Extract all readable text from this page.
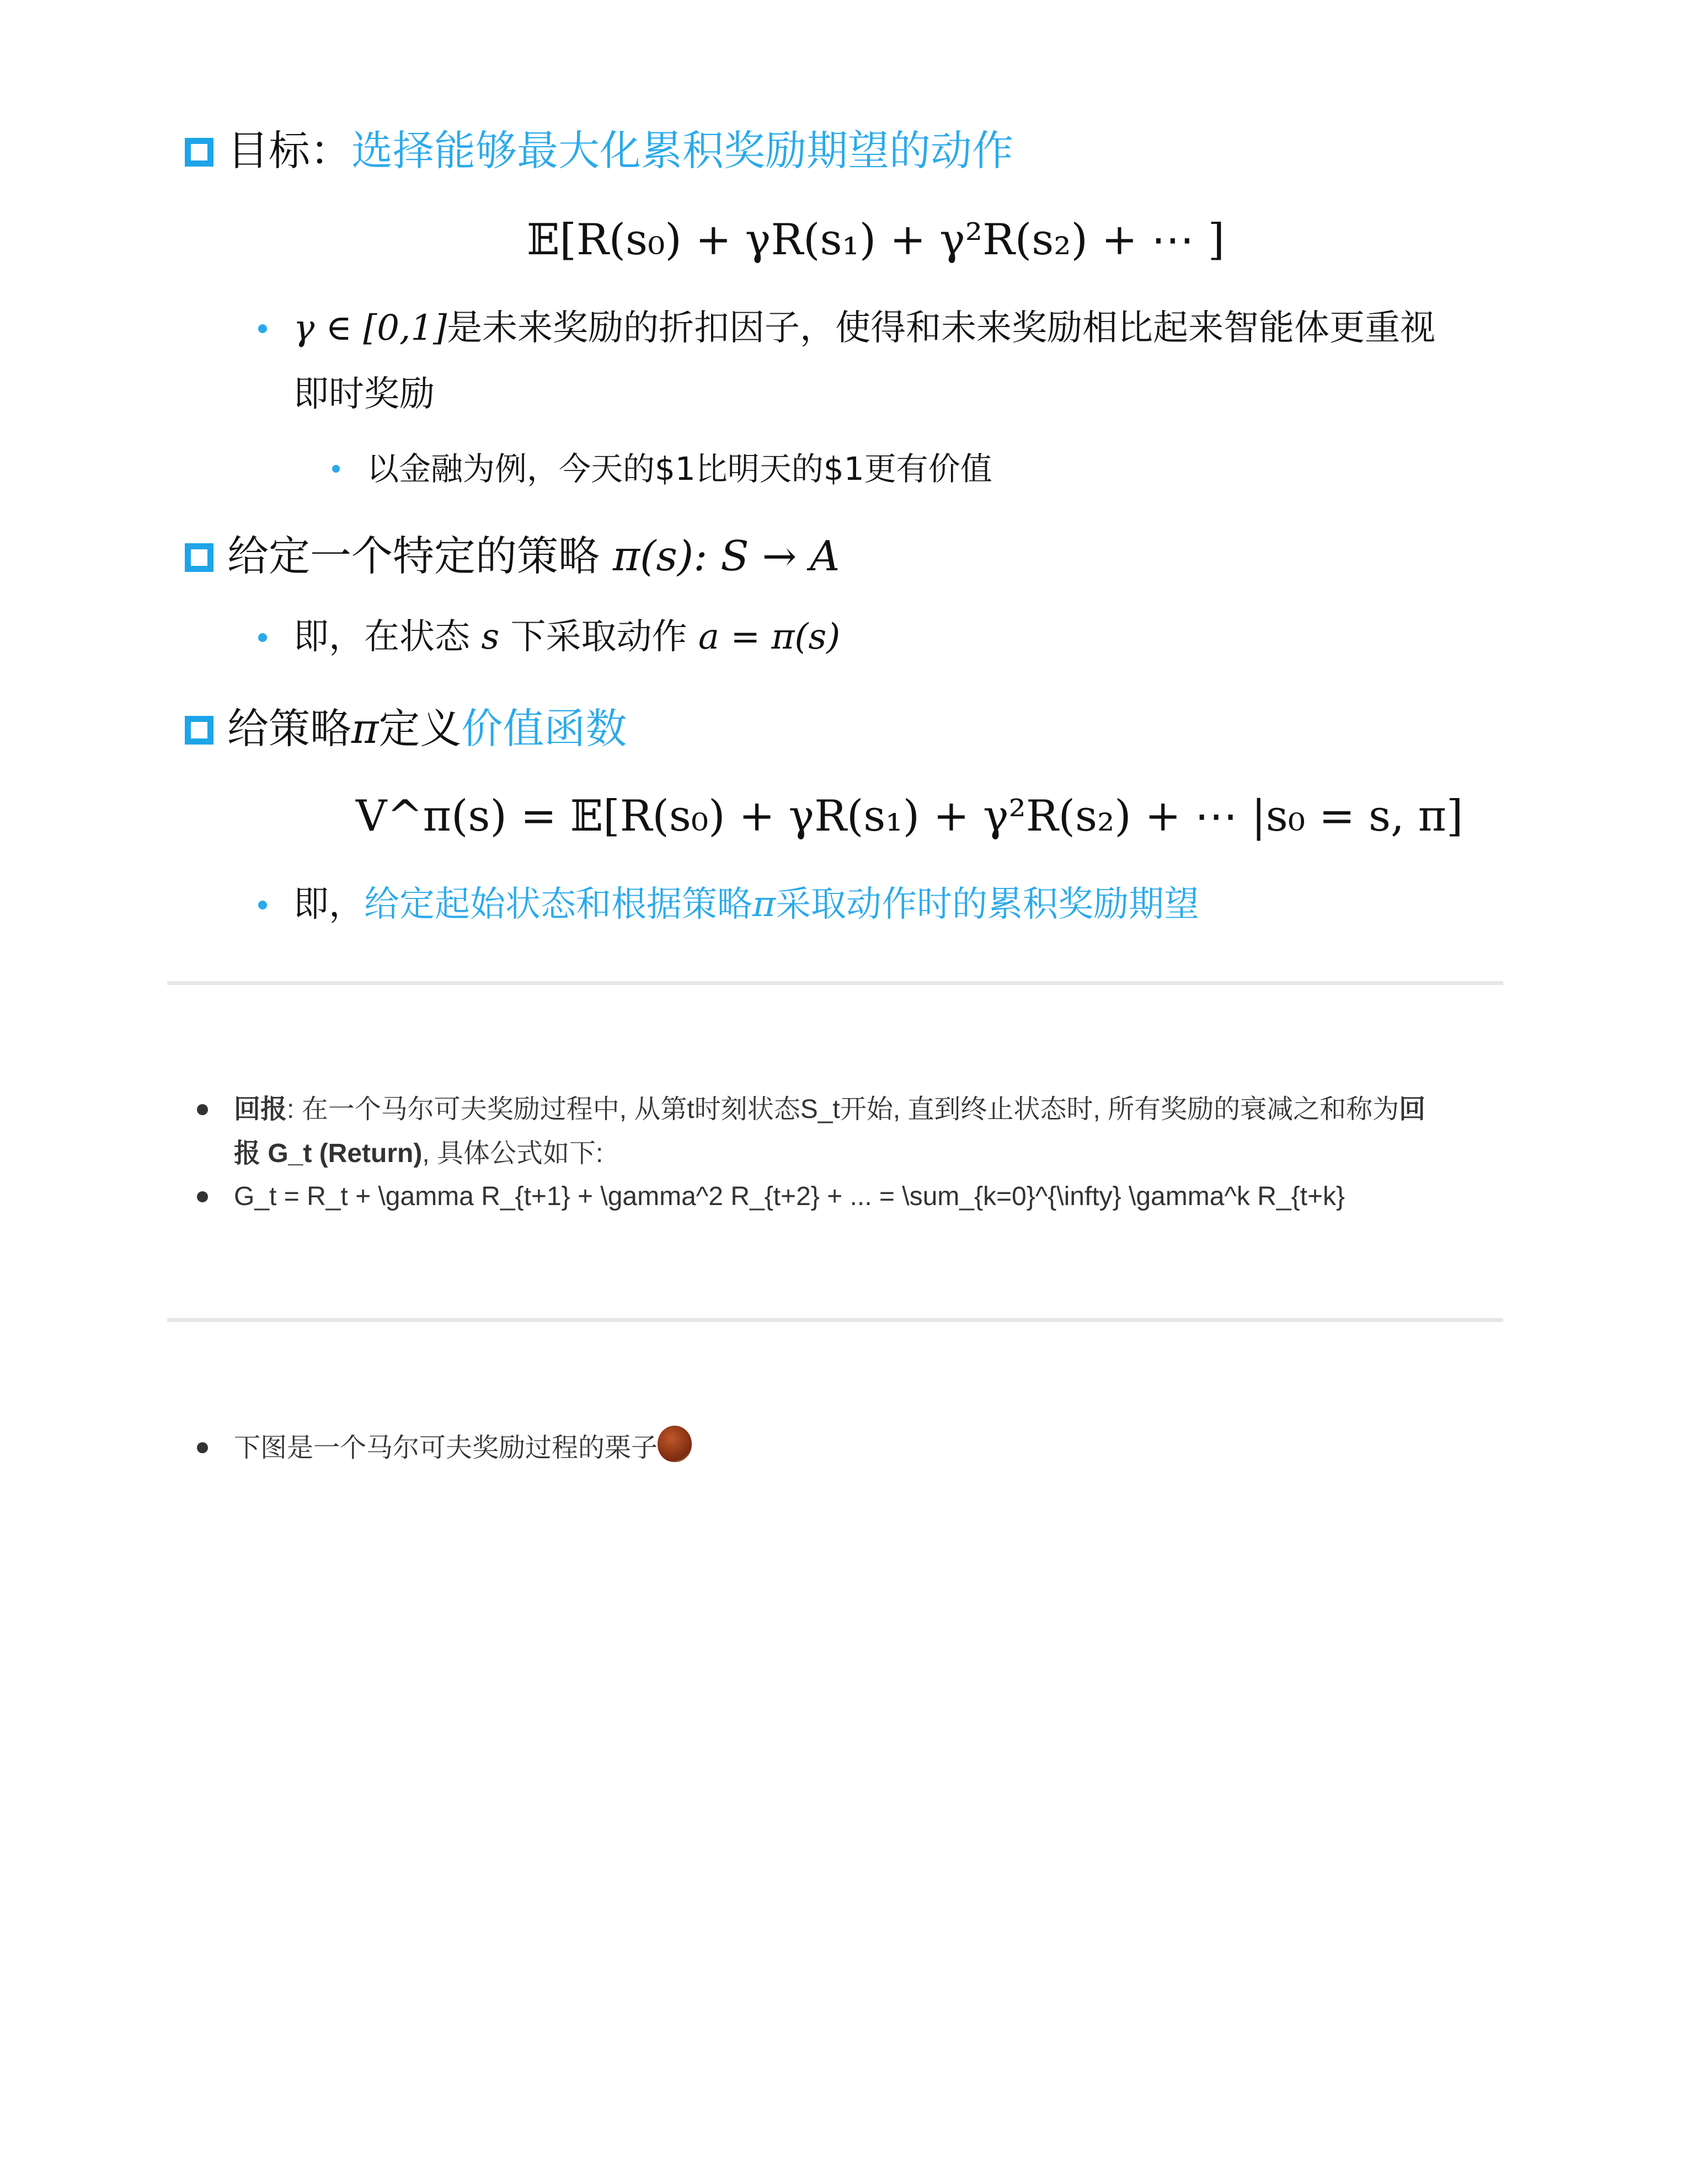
目标：选择能够最大化累积奖励期望的动作
𝔼[R(s₀) + γR(s₁) + γ²R(s₂) + ⋯ ]
γ ∈ [0,1]是未来奖励的折扣因子，使得和未来奖励相比起来智能体更重视
即时奖励
以金融为例，今天的$1比明天的$1更有价值
给定一个特定的策略 π(s): S → A
即，在状态 s 下采取动作 a = π(s)
给策略π定义价值函数
V^π(s) = 𝔼[R(s₀) + γR(s₁) + γ²R(s₂) + ⋯ |s₀ = s, π]
即，给定起始状态和根据策略π采取动作时的累积奖励期望
回报: 在一个马尔可夫奖励过程中, 从第t时刻状态S_t开始, 直到终止状态时, 所有奖励的衰减之和称为回
报 G_t (Return), 具体公式如下:
G_t = R_t + \gamma R_{t+1} + \gamma^2 R_{t+2} + ... = \sum_{k=0}^{\infty} \gamma^k R_{t+k}
下图是一个马尔可夫奖励过程的栗子
